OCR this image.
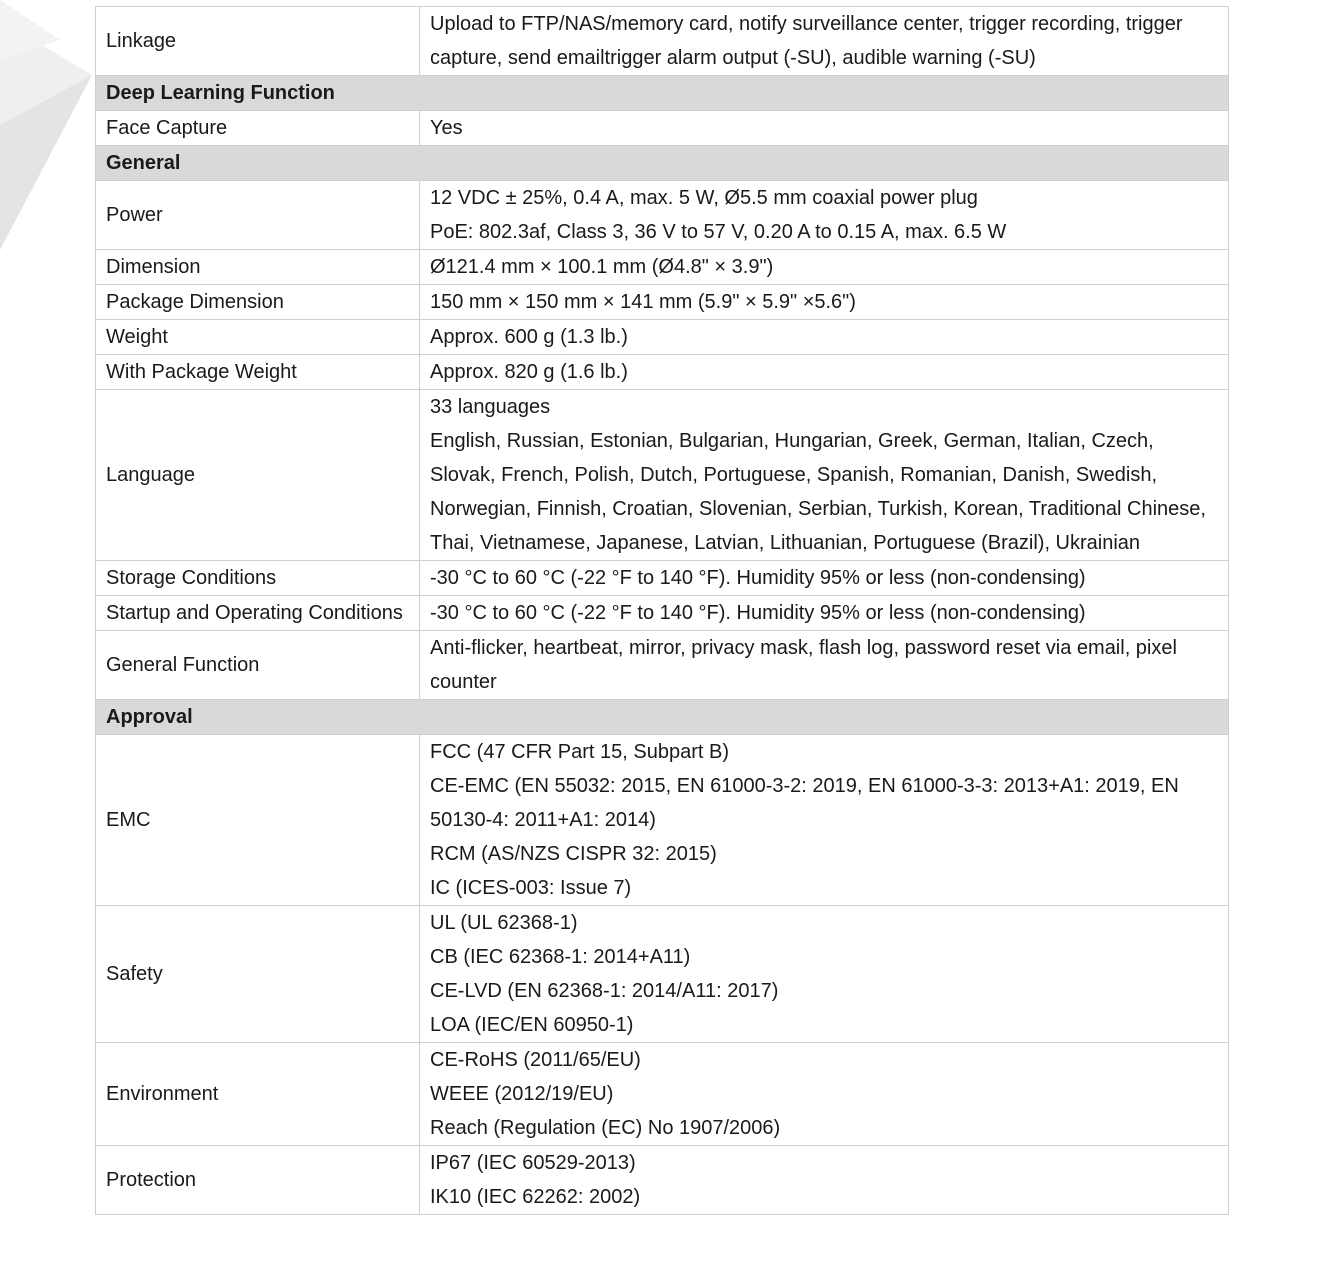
Linkage	Upload to FTP/NAS/memory card, notify surveillance center, trigger recording, trigger capture, send emailtrigger alarm output (-SU), audible warning (-SU)

Deep Learning Function	
Face Capture	Yes

General	
Power	12 VDC ± 25%, 0.4 A, max. 5 W, Ø5.5 mm coaxial power plug
PoE: 802.3af, Class 3, 36 V to 57 V, 0.20 A to 0.15 A, max. 6.5 W

Dimension	Ø121.4 mm × 100.1 mm (Ø4.8" × 3.9")

Package Dimension	150 mm × 150 mm × 141 mm (5.9" × 5.9" ×5.6")

Weight	Approx. 600 g (1.3 lb.)

With Package Weight	Approx. 820 g (1.6 lb.)

Language	33 languages
English, Russian, Estonian, Bulgarian, Hungarian, Greek, German, Italian, Czech, Slovak, French, Polish, Dutch, Portuguese, Spanish, Romanian, Danish, Swedish, Norwegian, Finnish, Croatian, Slovenian, Serbian, Turkish, Korean, Traditional Chinese, Thai, Vietnamese, Japanese, Latvian, Lithuanian, Portuguese (Brazil), Ukrainian

Storage Conditions	-30 °C to 60 °C (-22 °F to 140 °F). Humidity 95% or less (non-condensing)

Startup and Operating Conditions	-30 °C to 60 °C (-22 °F to 140 °F). Humidity 95% or less (non-condensing)

General Function	Anti-flicker, heartbeat, mirror, privacy mask, flash log, password reset via email, pixel counter

Approval	
EMC	FCC (47 CFR Part 15, Subpart B)
CE-EMC (EN 55032: 2015, EN 61000-3-2: 2019, EN 61000-3-3: 2013+A1: 2019, EN 50130-4: 2011+A1: 2014)
RCM (AS/NZS CISPR 32: 2015)
IC (ICES-003: Issue 7)

Safety	UL (UL 62368-1)
CB (IEC 62368-1: 2014+A11)
CE-LVD (EN 62368-1: 2014/A11: 2017)
LOA (IEC/EN 60950-1)

Environment	CE-RoHS (2011/65/EU)
WEEE (2012/19/EU)
Reach (Regulation (EC) No 1907/2006)

Protection	IP67 (IEC 60529-2013)
IK10 (IEC 62262: 2002)
